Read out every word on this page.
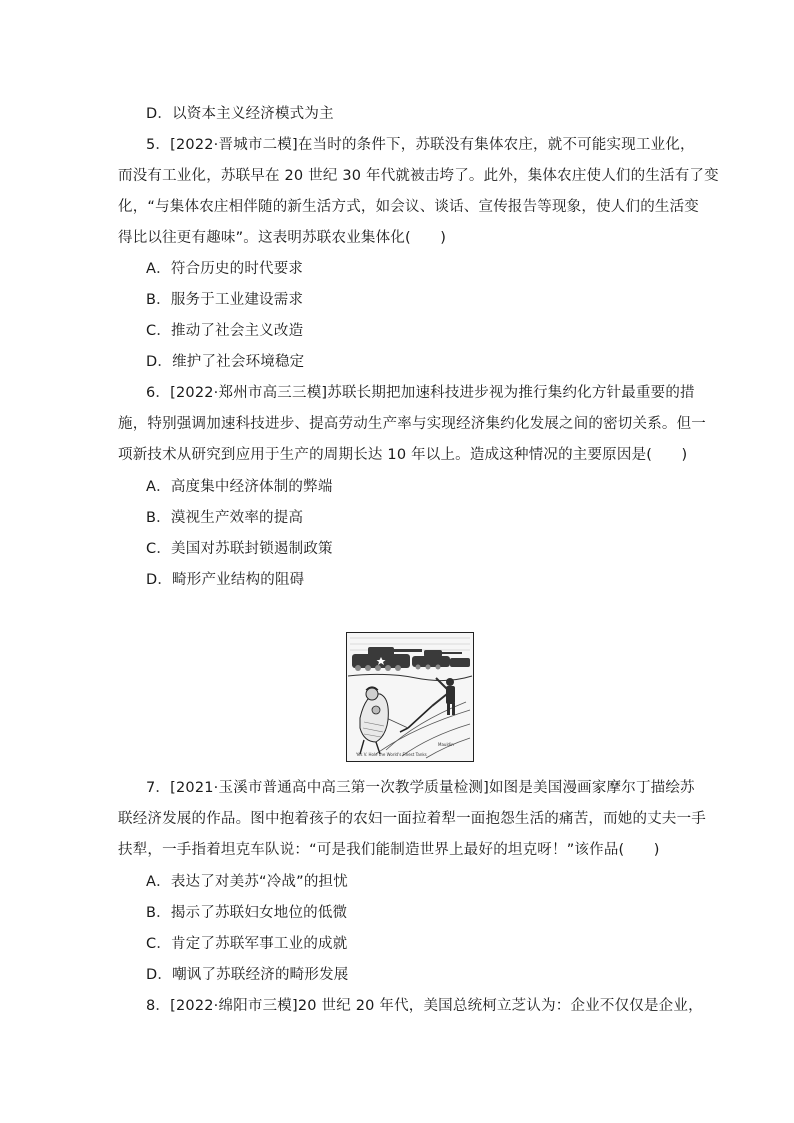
D．以资本主义经济模式为主
5．[2022·晋城市二模]在当时的条件下，苏联没有集体农庄，就不可能实现工业化，
而没有工业化，苏联早在 20 世纪 30 年代就被击垮了。此外，集体农庄使人们的生活有了变
化，“与集体农庄相伴随的新生活方式，如会议、谈话、宣传报告等现象，使人们的生活变
得比以往更有趣味”。这表明苏联农业集体化(　　)
A．符合历史的时代要求
B．服务于工业建设需求
C．推动了社会主义改造
D．维护了社会环境稳定
6．[2022·郑州市高三三模]苏联长期把加速科技进步视为推行集约化方针最重要的措
施，特别强调加速科技进步、提高劳动生产率与实现经济集约化发展之间的密切关系。但一
项新技术从研究到应用于生产的周期长达 10 年以上。造成这种情况的主要原因是(　　)
A．高度集中经济体制的弊端
B．漠视生产效率的提高
C．美国对苏联封锁遏制政策
D．畸形产业结构的阻碍
Yes V. Hole the World's Finest Tanks
Mauldin
7．[2021·玉溪市普通高中高三第一次教学质量检测]如图是美国漫画家摩尔丁描绘苏
联经济发展的作品。图中抱着孩子的农妇一面拉着犁一面抱怨生活的痛苦，而她的丈夫一手
扶犁，一手指着坦克车队说：“可是我们能制造世界上最好的坦克呀！”该作品(　　)
A．表达了对美苏“冷战”的担忧
B．揭示了苏联妇女地位的低微
C．肯定了苏联军事工业的成就
D．嘲讽了苏联经济的畸形发展
8．[2022·绵阳市三模]20 世纪 20 年代，美国总统柯立芝认为：企业不仅仅是企业，
